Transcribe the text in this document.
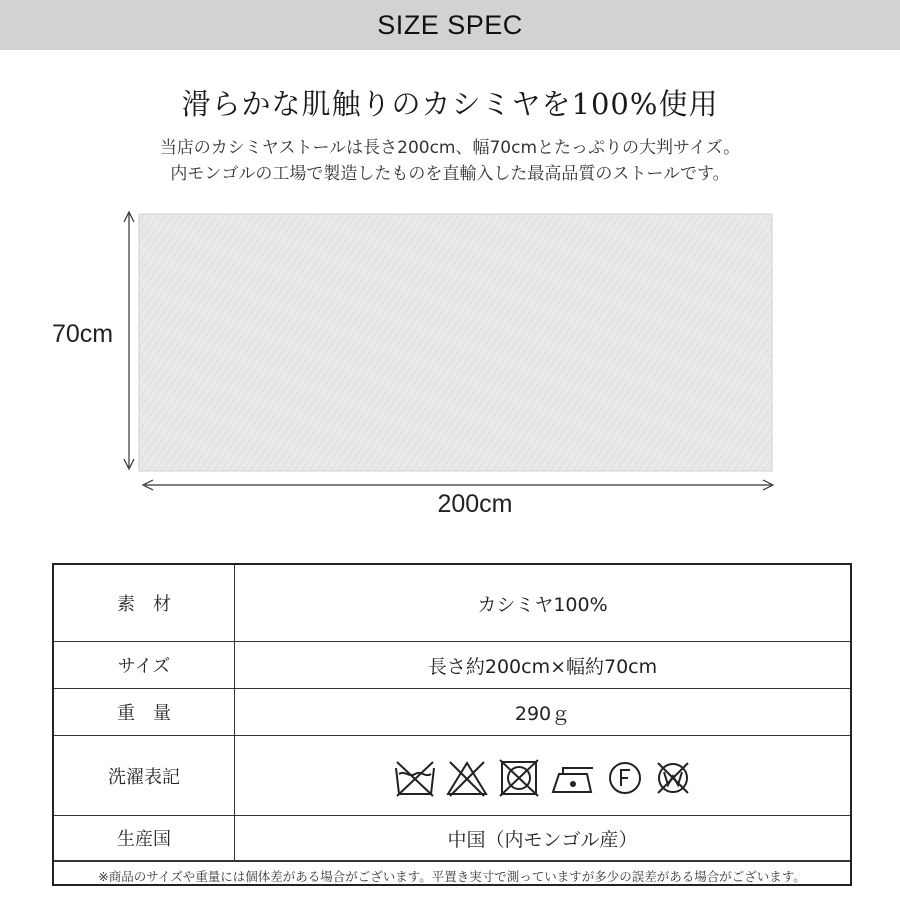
SIZE SPEC
滑らかな肌触りのカシミヤを100%使用
当店のカシミヤストールは長さ200cm、幅70cmとたっぷりの大判サイズ。
内モンゴルの工場で製造したものを直輸入した最高品質のストールです。
70cm
200cm
素　材	カシミヤ100%
サイズ	長さ約200cm×幅約70cm
重　量	290ｇ
洗濯表記
生産国	中国（内モンゴル産）
※商品のサイズや重量には個体差がある場合がございます。平置き実寸で測っていますが多少の誤差がある場合がございます。
